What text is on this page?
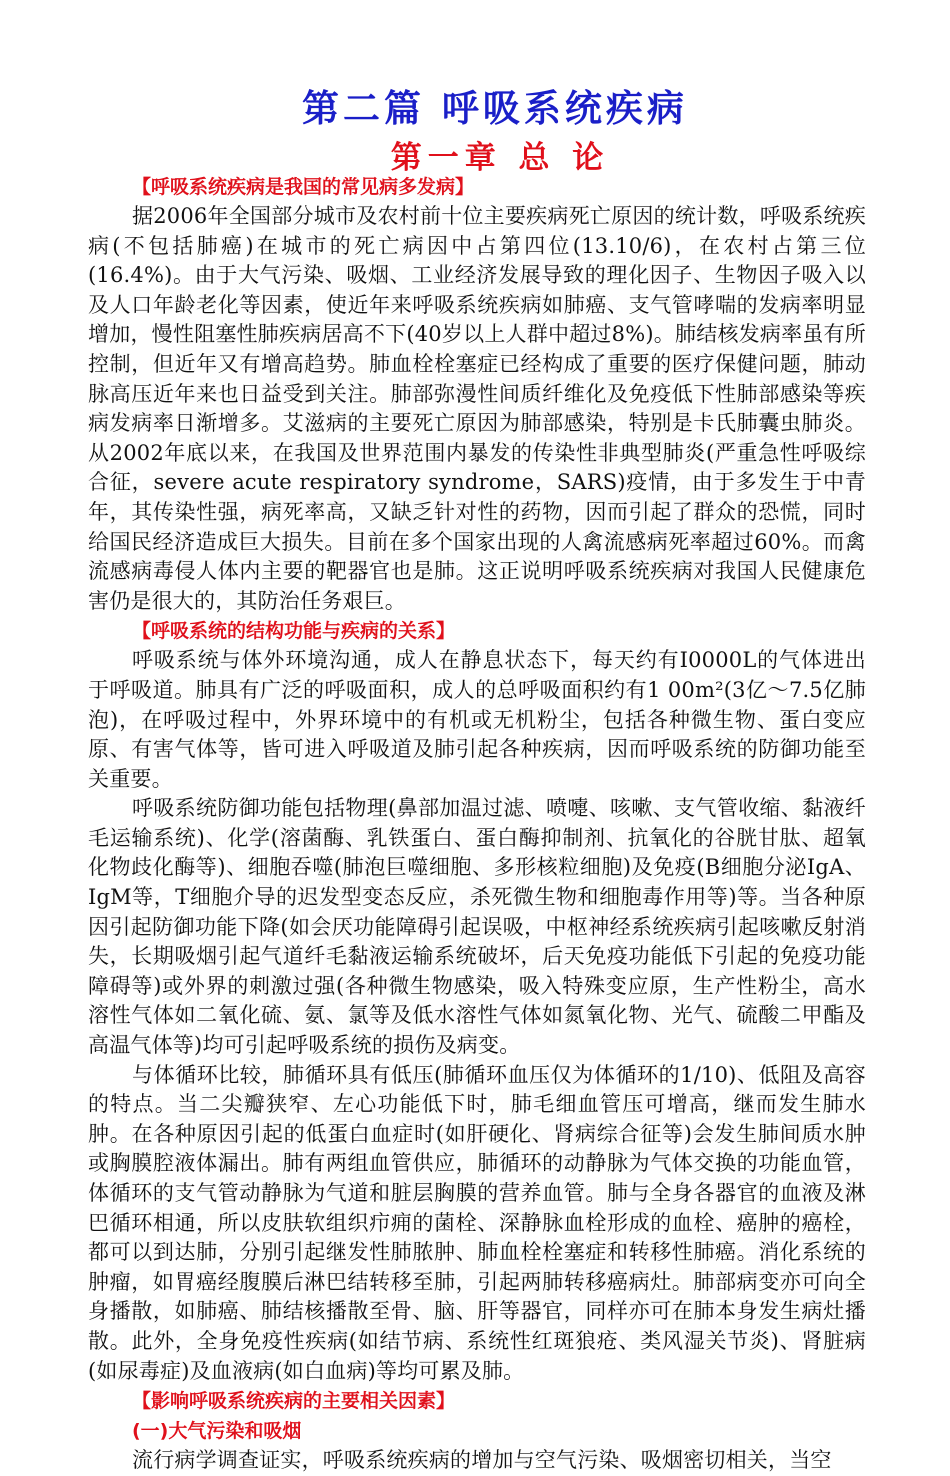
第二篇 呼吸系统疾病
第一章 总 论
【呼吸系统疾病是我国的常见病多发病】

据2006年全国部分城市及农村前十位主要疾病死亡原因的统计数，呼吸系统疾病(不包括肺癌)在城市的死亡病因中占第四位(13.10/6)，在农村占第三位(16.4%)。由于大气污染、吸烟、工业经济发展导致的理化因子、生物因子吸入以及人口年龄老化等因素，使近年来呼吸系统疾病如肺癌、支气管哮喘的发病率明显增加，慢性阻塞性肺疾病居高不下(40岁以上人群中超过8%)。肺结核发病率虽有所控制，但近年又有增高趋势。肺血栓栓塞症已经构成了重要的医疗保健问题，肺动脉高压近年来也日益受到关注。肺部弥漫性间质纤维化及免疫低下性肺部感染等疾病发病率日渐增多。艾滋病的主要死亡原因为肺部感染，特别是卡氏肺囊虫肺炎。从2002年底以来，在我国及世界范围内暴发的传染性非典型肺炎(严重急性呼吸综合征，severe acute respiratory syndrome，SARS)疫情，由于多发生于中青年，其传染性强，病死率高，又缺乏针对性的药物，因而引起了群众的恐慌，同时给国民经济造成巨大损失。目前在多个国家出现的人禽流感病死率超过60%。而禽流感病毒侵人体内主要的靶器官也是肺。这正说明呼吸系统疾病对我国人民健康危害仍是很大的，其防治任务艰巨。

【呼吸系统的结构功能与疾病的关系】

呼吸系统与体外环境沟通，成人在静息状态下，每天约有I0000L的气体进出于呼吸道。肺具有广泛的呼吸面积，成人的总呼吸面积约有1 00m²(3亿～7.5亿肺泡)，在呼吸过程中，外界环境中的有机或无机粉尘，包括各种微生物、蛋白变应原、有害气体等，皆可进入呼吸道及肺引起各种疾病，因而呼吸系统的防御功能至关重要。

呼吸系统防御功能包括物理(鼻部加温过滤、喷嚏、咳嗽、支气管收缩、黏液纤毛运输系统)、化学(溶菌酶、乳铁蛋白、蛋白酶抑制剂、抗氧化的谷胱甘肽、超氧化物歧化酶等)、细胞吞噬(肺泡巨噬细胞、多形核粒细胞)及免疫(B细胞分泌IgA、IgM等，T细胞介导的迟发型变态反应，杀死微生物和细胞毒作用等)等。当各种原因引起防御功能下降(如会厌功能障碍引起误吸，中枢神经系统疾病引起咳嗽反射消失，长期吸烟引起气道纤毛黏液运输系统破坏，后天免疫功能低下引起的免疫功能障碍等)或外界的刺激过强(各种微生物感染，吸入特殊变应原，生产性粉尘，高水溶性气体如二氧化硫、氨、氯等及低水溶性气体如氮氧化物、光气、硫酸二甲酯及高温气体等)均可引起呼吸系统的损伤及病变。

与体循环比较，肺循环具有低压(肺循环血压仅为体循环的1/10)、低阻及高容的特点。当二尖瓣狭窄、左心功能低下时，肺毛细血管压可增高，继而发生肺水肿。在各种原因引起的低蛋白血症时(如肝硬化、肾病综合征等)会发生肺间质水肿或胸膜腔液体漏出。肺有两组血管供应，肺循环的动静脉为气体交换的功能血管，体循环的支气管动静脉为气道和脏层胸膜的营养血管。肺与全身各器官的血液及淋巴循环相通，所以皮肤软组织疖痈的菌栓、深静脉血栓形成的血栓、癌肿的癌栓，都可以到达肺，分别引起继发性肺脓肿、肺血栓栓塞症和转移性肺癌。消化系统的肿瘤，如胃癌经腹膜后淋巴结转移至肺，引起两肺转移癌病灶。肺部病变亦可向全身播散，如肺癌、肺结核播散至骨、脑、肝等器官，同样亦可在肺本身发生病灶播散。此外，全身免疫性疾病(如结节病、系统性红斑狼疮、类风湿关节炎)、肾脏病(如尿毒症)及血液病(如白血病)等均可累及肺。

【影响呼吸系统疾病的主要相关因素】
(一)大气污染和吸烟

流行病学调查证实，呼吸系统疾病的增加与空气污染、吸烟密切相关，当空
